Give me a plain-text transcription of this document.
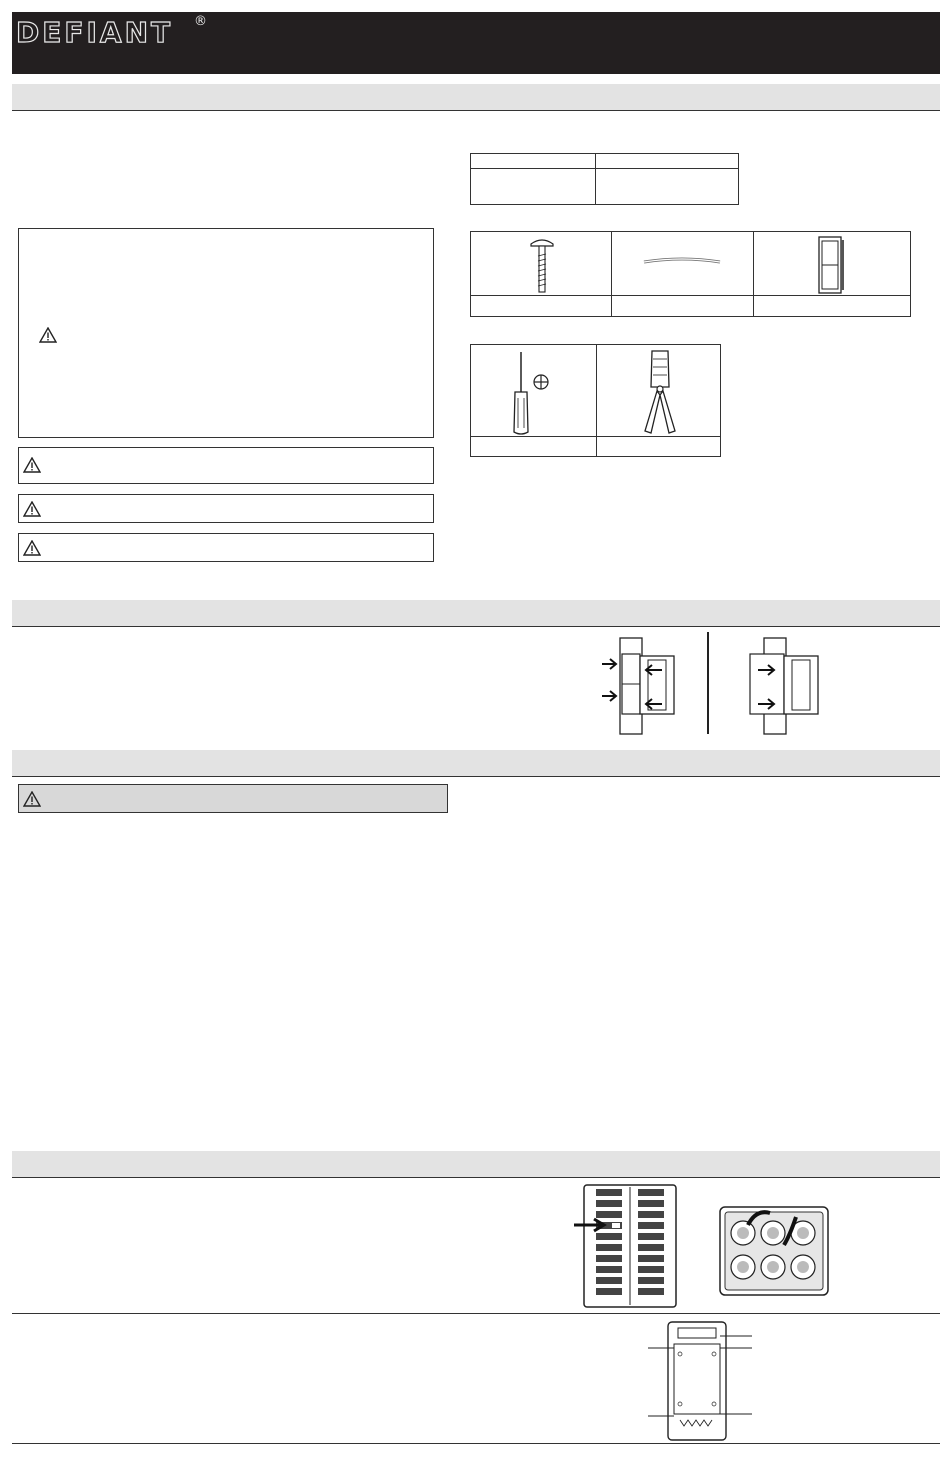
DEFIANT ®
